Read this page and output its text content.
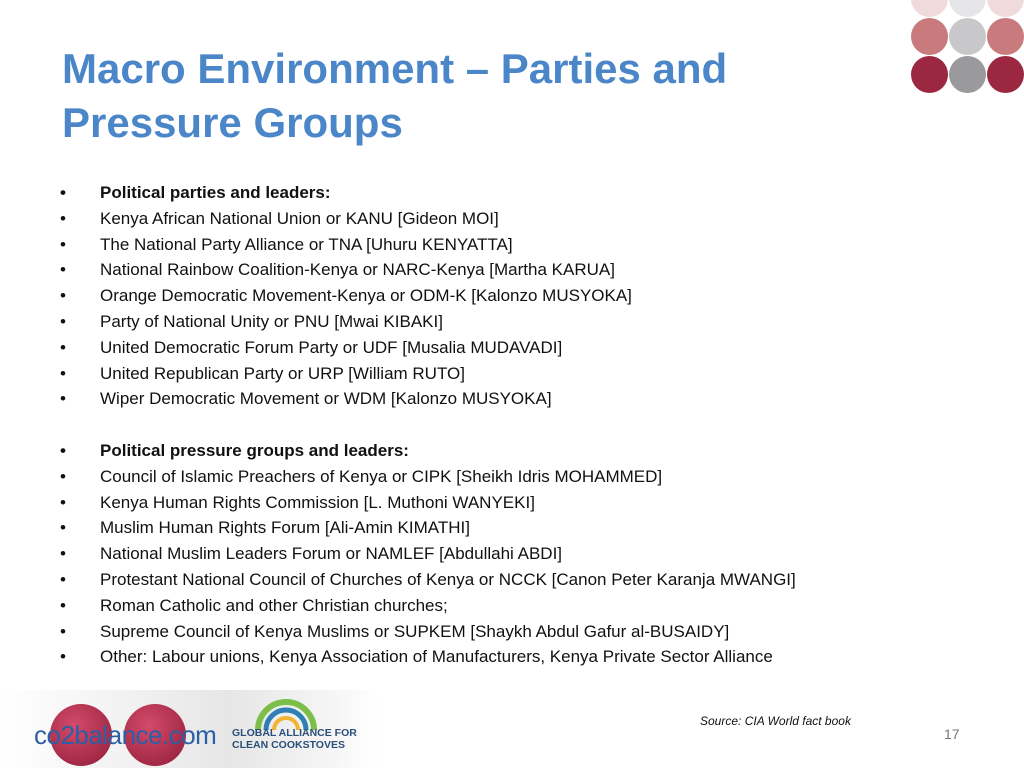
Macro Environment – Parties and Pressure Groups
• Political parties and leaders:
• Kenya African National Union or KANU [Gideon MOI]
• The National Party Alliance or TNA [Uhuru KENYATTA]
• National Rainbow Coalition-Kenya or NARC-Kenya [Martha KARUA]
• Orange Democratic Movement-Kenya or ODM-K [Kalonzo MUSYOKA]
• Party of National Unity or PNU [Mwai KIBAKI]
• United Democratic Forum Party or UDF [Musalia MUDAVADI]
• United Republican Party or URP [William RUTO]
• Wiper Democratic Movement or WDM [Kalonzo MUSYOKA]
• Political pressure groups and leaders:
• Council of Islamic Preachers of Kenya or CIPK [Sheikh Idris MOHAMMED]
• Kenya Human Rights Commission [L. Muthoni WANYEKI]
• Muslim Human Rights Forum [Ali-Amin KIMATHI]
• National Muslim Leaders Forum or NAMLEF [Abdullahi ABDI]
• Protestant National Council of Churches of Kenya or NCCK [Canon Peter Karanja MWANGI]
• Roman Catholic and other Christian churches;
• Supreme Council of Kenya Muslims or SUPKEM [Shaykh Abdul Gafur al-BUSAIDY]
• Other: Labour unions, Kenya Association of Manufacturers, Kenya Private Sector Alliance
co2balance.com GLOBAL ALLIANCE FOR
CLEAN COOKSTOVES
Source: CIA World fact book
17
